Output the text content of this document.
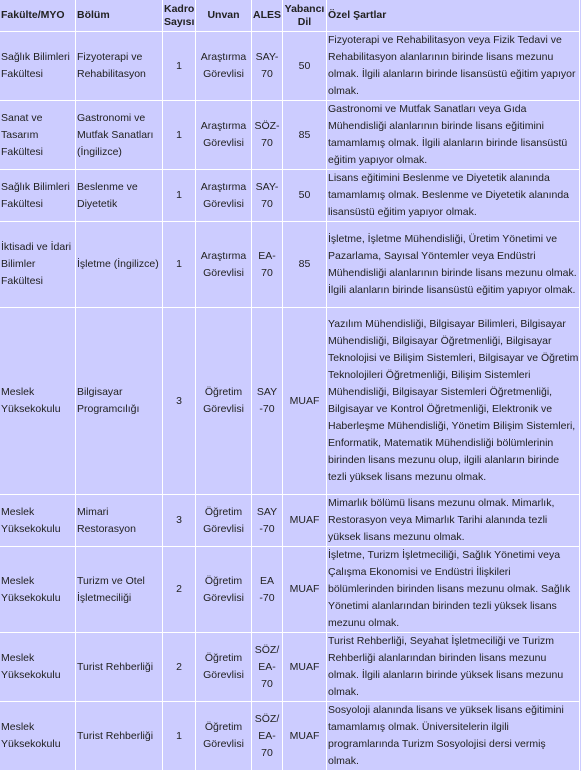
Fakülte/MYO	Bölüm	Kadro Sayısı	Unvan	ALES	Yabancı Dil	Özel Şartlar
Sağlık Bilimleri Fakültesi	Fizyoterapi ve Rehabilitasyon	1	Araştırma Görevlisi	SAY-70	50	Fizyoterapi ve Rehabilitasyon veya Fizik Tedavi ve Rehabilitasyon alanlarının birinde lisans mezunu olmak. İlgili alanların birinde lisansüstü eğitim yapıyor olmak.
Sanat ve Tasarım Fakültesi	Gastronomi ve Mutfak Sanatları (İngilizce)	1	Araştırma Görevlisi	SÖZ-70	85	Gastronomi ve Mutfak Sanatları veya Gıda Mühendisliği alanlarının birinde lisans eğitimini tamamlamış olmak. İlgili alanların birinde lisansüstü eğitim yapıyor olmak.
Sağlık Bilimleri Fakültesi	Beslenme ve Diyetetik	1	Araştırma Görevlisi	SAY-70	50	Lisans eğitimini Beslenme ve Diyetetik alanında tamamlamış olmak. Beslenme ve Diyetetik alanında lisansüstü eğitim yapıyor olmak.
İktisadi ve İdari Bilimler Fakültesi	İşletme (İngilizce)	1	Araştırma Görevlisi	EA-70	85	İşletme, İşletme Mühendisliği, Üretim Yönetimi ve Pazarlama, Sayısal Yöntemler veya Endüstri Mühendisliği alanlarının birinde lisans mezunu olmak. İlgili alanların birinde lisansüstü eğitim yapıyor olmak.
Meslek Yüksekokulu	Bilgisayar Programcılığı	3	Öğretim Görevlisi	SAY -70	MUAF	Yazılım Mühendisliği, Bilgisayar Bilimleri, Bilgisayar Mühendisliği, Bilgisayar Öğretmenliği, Bilgisayar Teknolojisi ve Bilişim Sistemleri, Bilgisayar ve Öğretim Teknolojileri Öğretmenliği, Bilişim Sistemleri Mühendisliği, Bilgisayar Sistemleri Öğretmenliği, Bilgisayar ve Kontrol Öğretmenliği, Elektronik ve Haberleşme Mühendisliği, Yönetim Bilişim Sistemleri, Enformatik, Matematik Mühendisliği bölümlerinin birinden lisans mezunu olup, ilgili alanların birinde tezli yüksek lisans mezunu olmak.
Meslek Yüksekokulu	Mimari Restorasyon	3	Öğretim Görevlisi	SAY -70	MUAF	Mimarlık bölümü lisans mezunu olmak. Mimarlık, Restorasyon veya Mimarlık Tarihi alanında tezli yüksek lisans mezunu olmak.
Meslek Yüksekokulu	Turizm ve Otel İşletmeciliği	2	Öğretim Görevlisi	EA -70	MUAF	İşletme, Turizm İşletmeciliği, Sağlık Yönetimi veya Çalışma Ekonomisi ve Endüstri İlişkileri bölümlerinden birinden lisans mezunu olmak. Sağlık Yönetimi alanlarından birinden tezli yüksek lisans mezunu olmak.
Meslek Yüksekokulu	Turist Rehberliği	2	Öğretim Görevlisi	SÖZ/ EA-70	MUAF	Turist Rehberliği, Seyahat İşletmeciliği ve Turizm Rehberliği alanlarından birinden lisans mezunu olmak. İlgili alanların birinde yüksek lisans mezunu olmak.
Meslek Yüksekokulu	Turist Rehberliği	1	Öğretim Görevlisi	SÖZ/ EA-70	MUAF	Sosyoloji alanında lisans ve yüksek lisans eğitimini tamamlamış olmak. Üniversitelerin ilgili programlarında Turizm Sosyolojisi dersi vermiş olmak.
